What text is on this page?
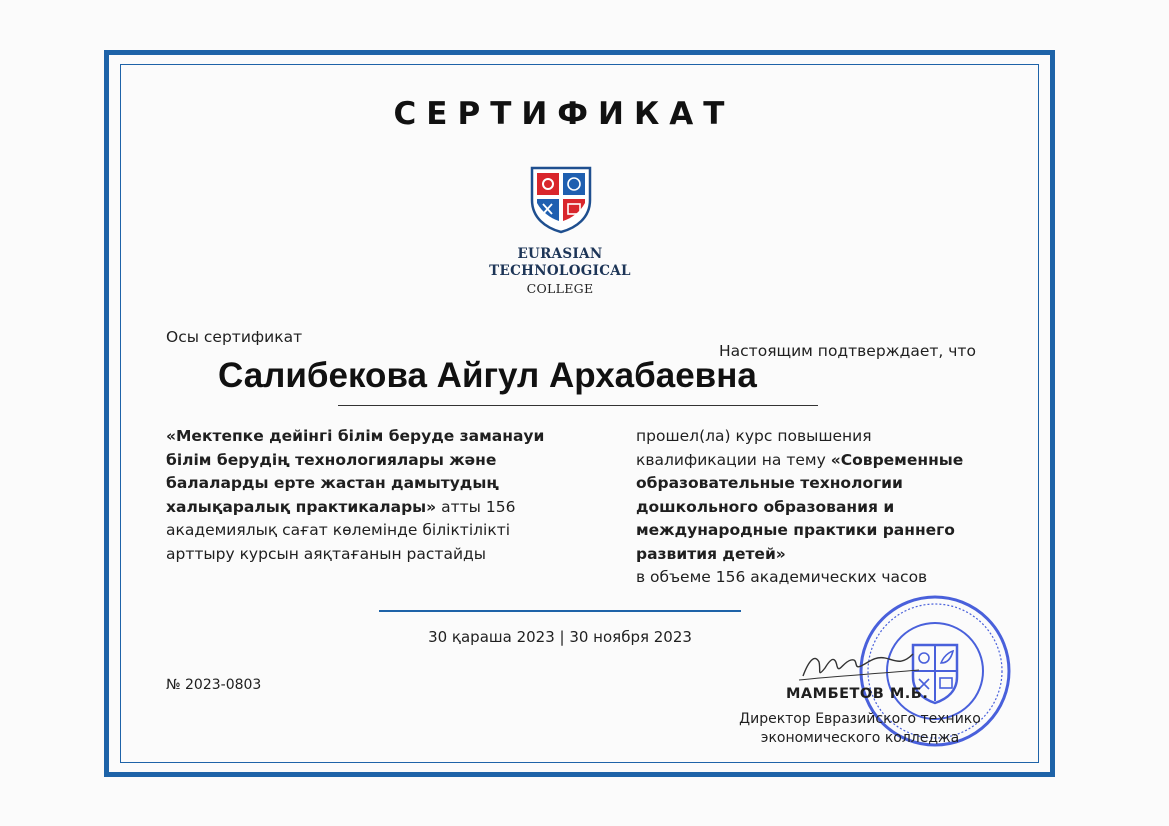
СЕРТИФИКАТ
EURASIAN
TECHNOLOGICAL
COLLEGE
Осы сертификат
Настоящим подтверждает, что
Салибекова Айгул Архабаевна
«Мектепке дейінгі білім беруде заманауи білім берудің технологиялары және балаларды ерте жастан дамытудың халықаралық практикалары» атты 156 академиялық сағат көлемінде біліктілікті арттыру курсын аяқтағанын растайды
прошел(ла) курс повышения квалификации на тему «Современные образовательные технологии дошкольного образования и международные практики раннего развития детей»
в объеме 156 академических часов
30 қараша 2023 | 30 ноября 2023
№ 2023-0803
МАМБЕТОВ М.Б.
Директор Евразийского технико
экономического колледжа
